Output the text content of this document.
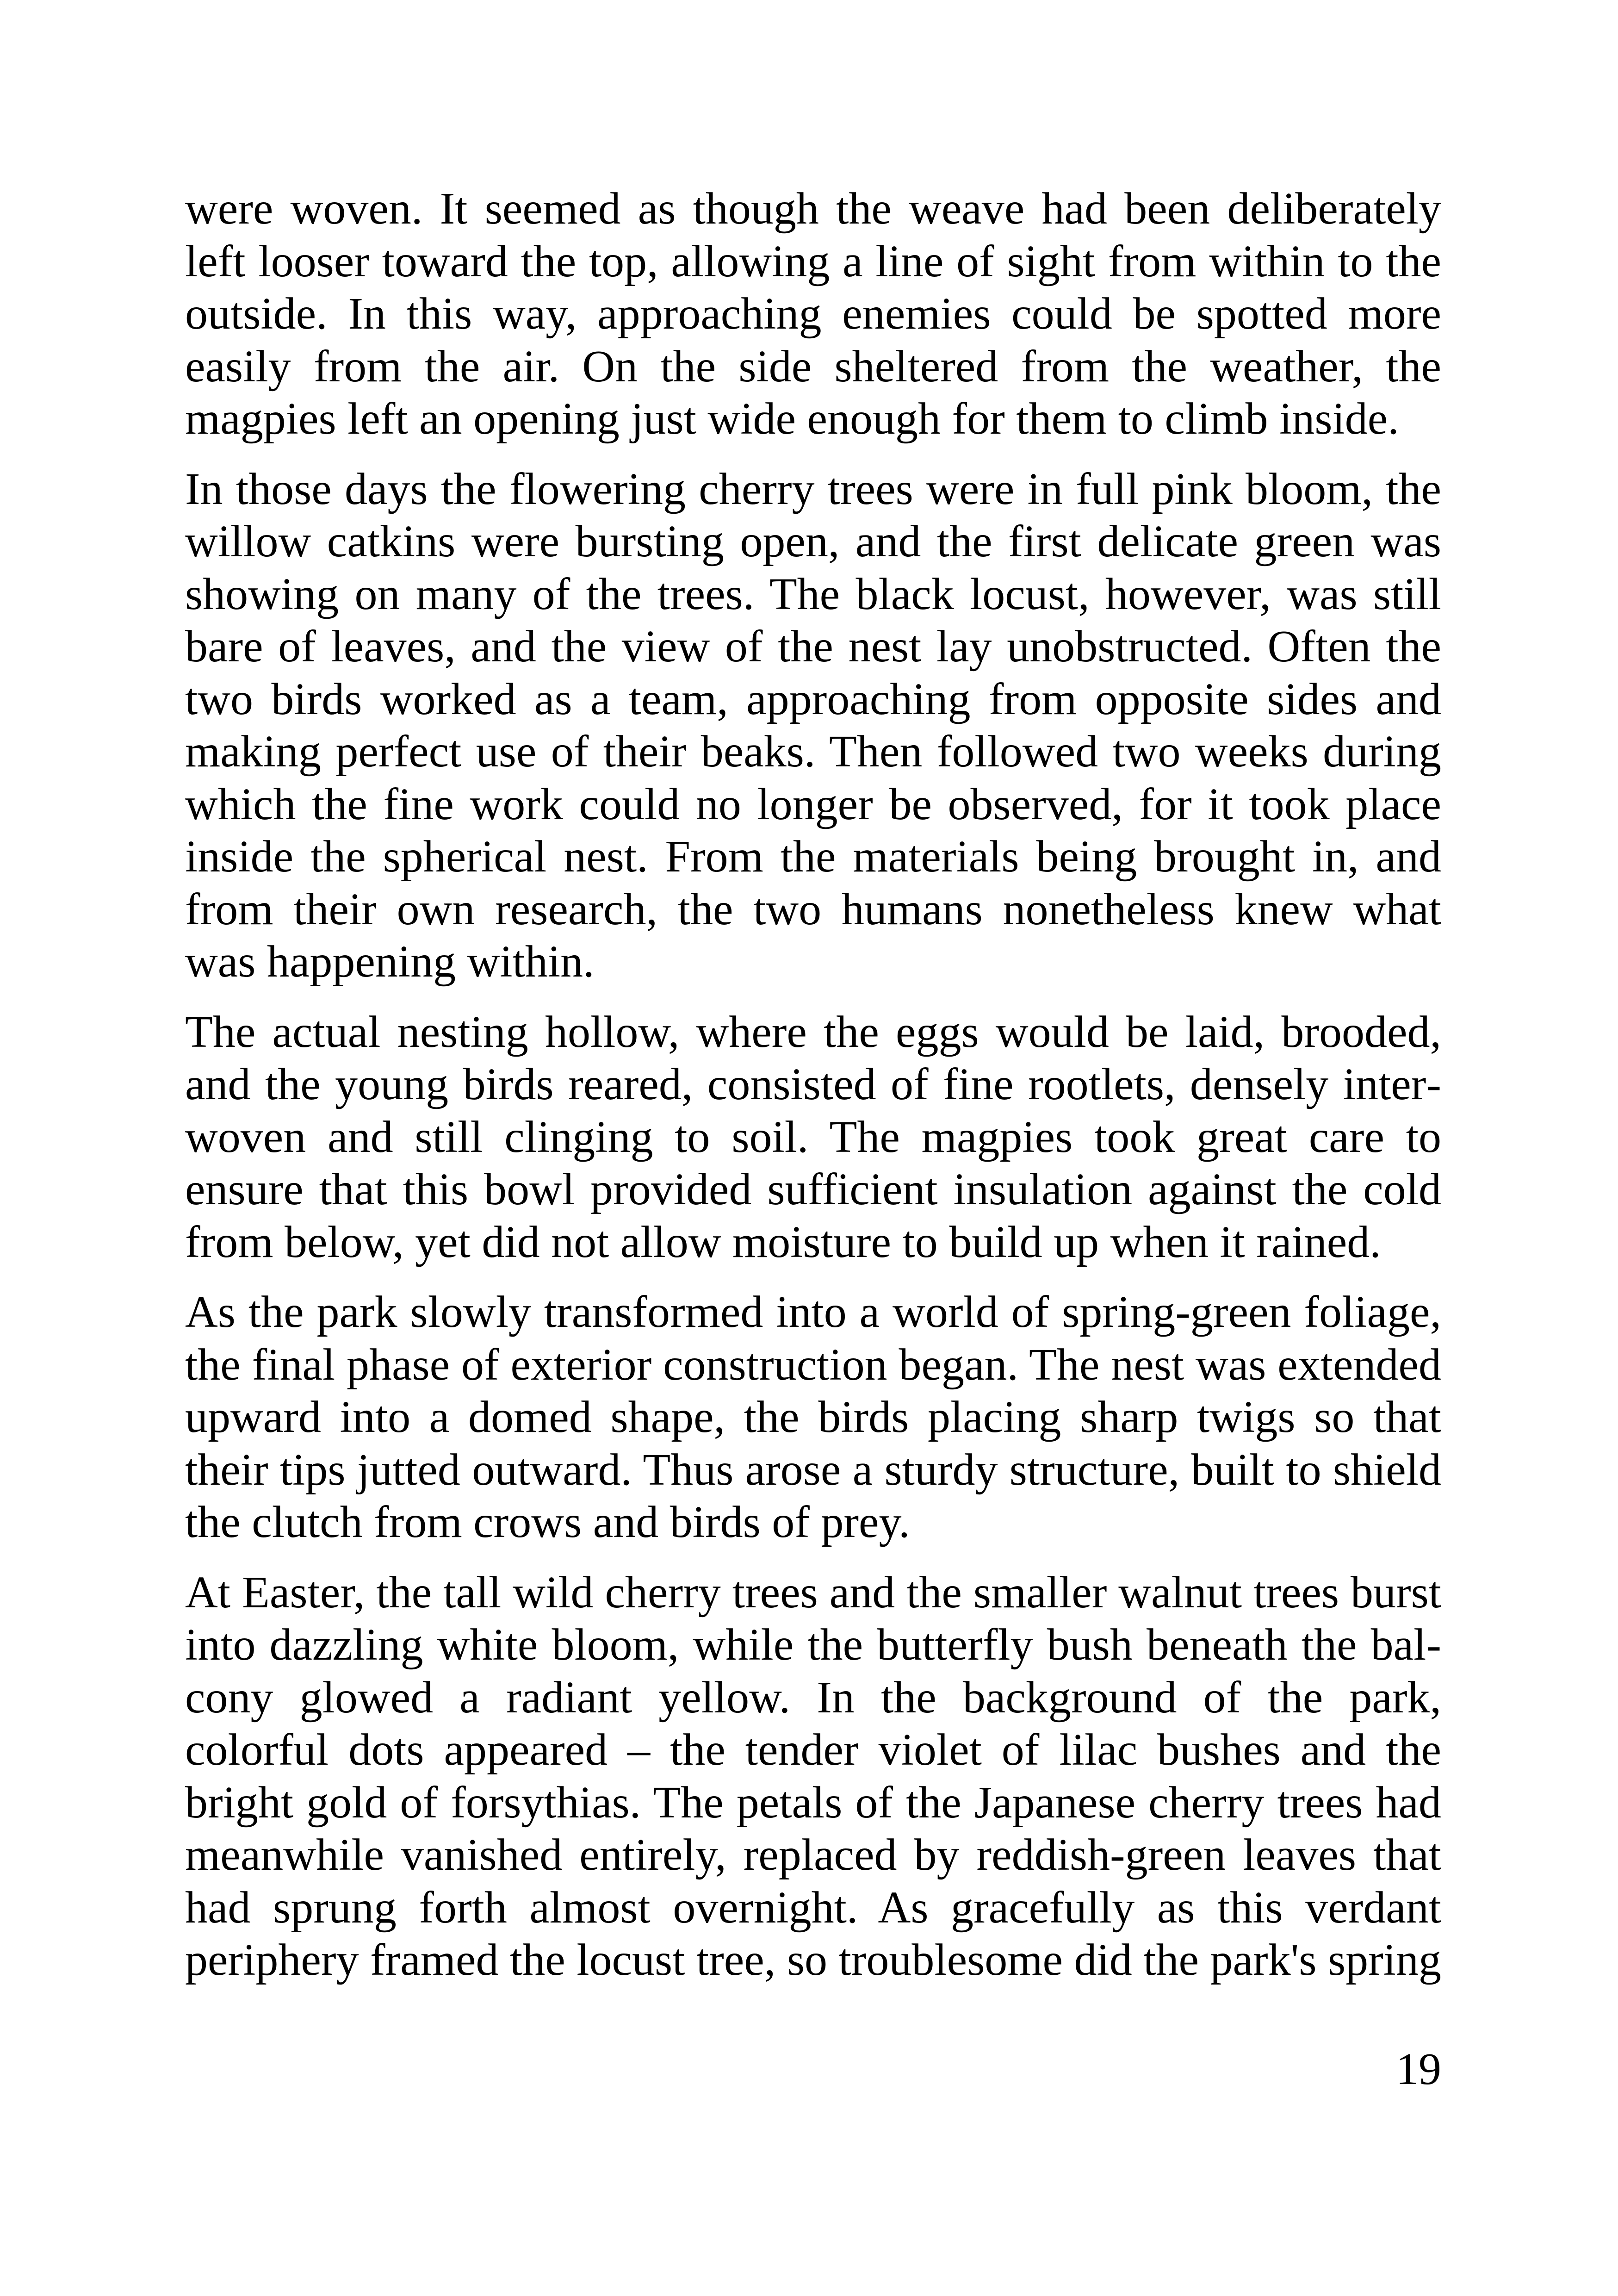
were woven. It seemed as though the weave had been deliberately left looser toward the top, allowing a line of sight from within to the outside. In this way, approaching enemies could be spotted more easily from the air. On the side sheltered from the weather, the magpies left an opening just wide enough for them to climb inside.

In those days the flowering cherry trees were in full pink bloom, the willow catkins were bursting open, and the first delicate green was showing on many of the trees. The black locust, however, was still bare of leaves, and the view of the nest lay unobstructed. Often the two birds worked as a team, approaching from opposite sides and making perfect use of their beaks. Then followed two weeks during which the fine work could no longer be observed, for it took place inside the spherical nest. From the materials being brought in, and from their own research, the two humans nonetheless knew what was happening within.

The actual nesting hollow, where the eggs would be laid, brooded, and the young birds reared, consisted of fine rootlets, densely interwoven and still clinging to soil. The magpies took great care to ensure that this bowl provided sufficient insulation against the cold from below, yet did not allow moisture to build up when it rained.

As the park slowly transformed into a world of spring-green foliage, the final phase of exterior construction began. The nest was extended upward into a domed shape, the birds placing sharp twigs so that their tips jutted outward. Thus arose a sturdy structure, built to shield the clutch from crows and birds of prey.

At Easter, the tall wild cherry trees and the smaller walnut trees burst into dazzling white bloom, while the butterfly bush beneath the balcony glowed a radiant yellow. In the background of the park, colorful dots appeared – the tender violet of lilac bushes and the bright gold of forsythias. The petals of the Japanese cherry trees had meanwhile vanished entirely, replaced by reddish-green leaves that had sprung forth almost overnight. As gracefully as this verdant periphery framed the locust tree, so troublesome did the park's spring

19
